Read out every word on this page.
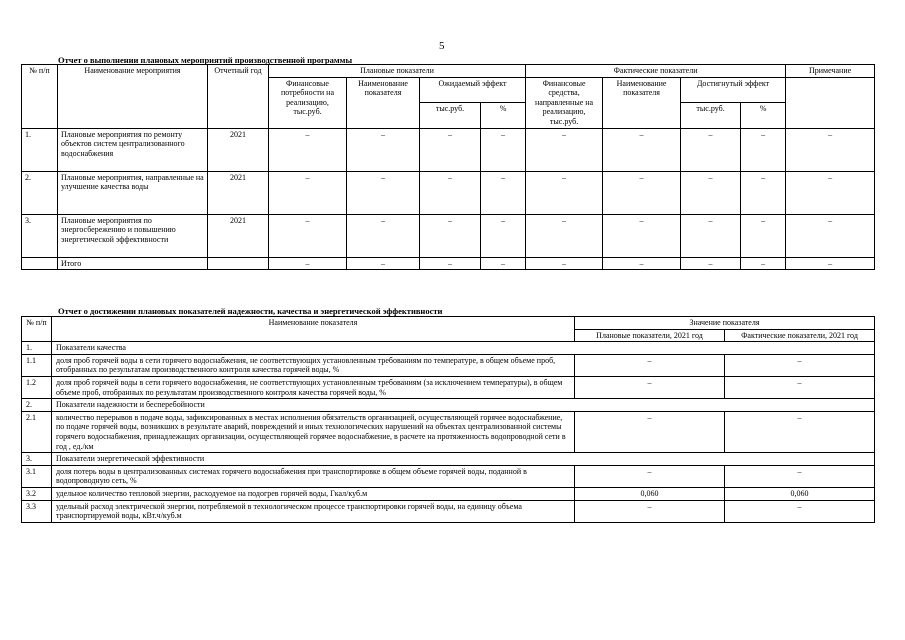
5
Отчет о выполнении плановых мероприятий производственной программы
№ п/п	Наименование мероприятия	Отчетный год	Плановые показатели				Фактические показатели				Примечание
			Финансовые потребности на реализацию, тыс.руб.	Наименование показателя	Ожидаемый эффект		Финансовые средства, направленные на реализацию, тыс.руб.	Наименование показателя	Достигнутый эффект		
					тыс.руб.	%			тыс.руб.	%	
1.	Плановые мероприятия по ремонту объектов систем централизованного водоснабжения	2021	–	–	–	–	–	–	–	–	–
2.	Плановые мероприятия, направленные на улучшение качества воды	2021	–	–	–	–	–	–	–	–	–
3.	Плановые мероприятия по энергосбережению и повышению энергетической эффективности	2021	–	–	–	–	–	–	–	–	–
	Итого		–	–	–	–	–	–	–	–	–
Отчет о достижении плановых показателей надежности, качества и энергетической эффективности
№ п/п	Наименование показателя	Значение показателя	
		Плановые показатели, 2021 год	Фактические показатели, 2021 год
1.	Показатели качества		
1.1	доля проб горячей воды в сети горячего водоснабжения, не соответствующих установленным требованиям по температуре, в общем объеме проб, отобранных по результатам производственного контроля качества горячей воды, %	–	–
1.2	доля проб горячей воды в сети горячего водоснабжения, не соответствующих установленным требованиям (за исключением температуры), в общем объеме проб, отобранных по результатам производственного контроля качества горячей воды, %	–	–
2.	Показатели надежности и бесперебойности		
2.1	количество перерывов в подаче воды, зафиксированных в местах исполнения обязательств организацией, осуществляющей горячее водоснабжение, по подаче горячей воды, возникших в результате аварий, повреждений и иных технологических нарушений на объектах централизованной системы горячего водоснабжения, принадлежащих организации, осуществляющей горячее водоснабжение, в расчете на протяженность водопроводной сети в год , ед./км	–	–
3.	Показатели энергетической эффективности		
3.1	доля потерь воды в централизованных системах горячего водоснабжения при транспортировке в общем объеме горячей воды, поданной в водопроводную сеть, %	–	–
3.2	удельное количество тепловой энергии, расходуемое на подогрев горячей воды, Гкал/куб.м	0,060	0,060
3.3	удельный расход электрической энергии, потребляемой в технологическом процессе транспортировки горячей воды, на единицу объема транспортируемой воды, кВт.ч/куб.м	–	–
